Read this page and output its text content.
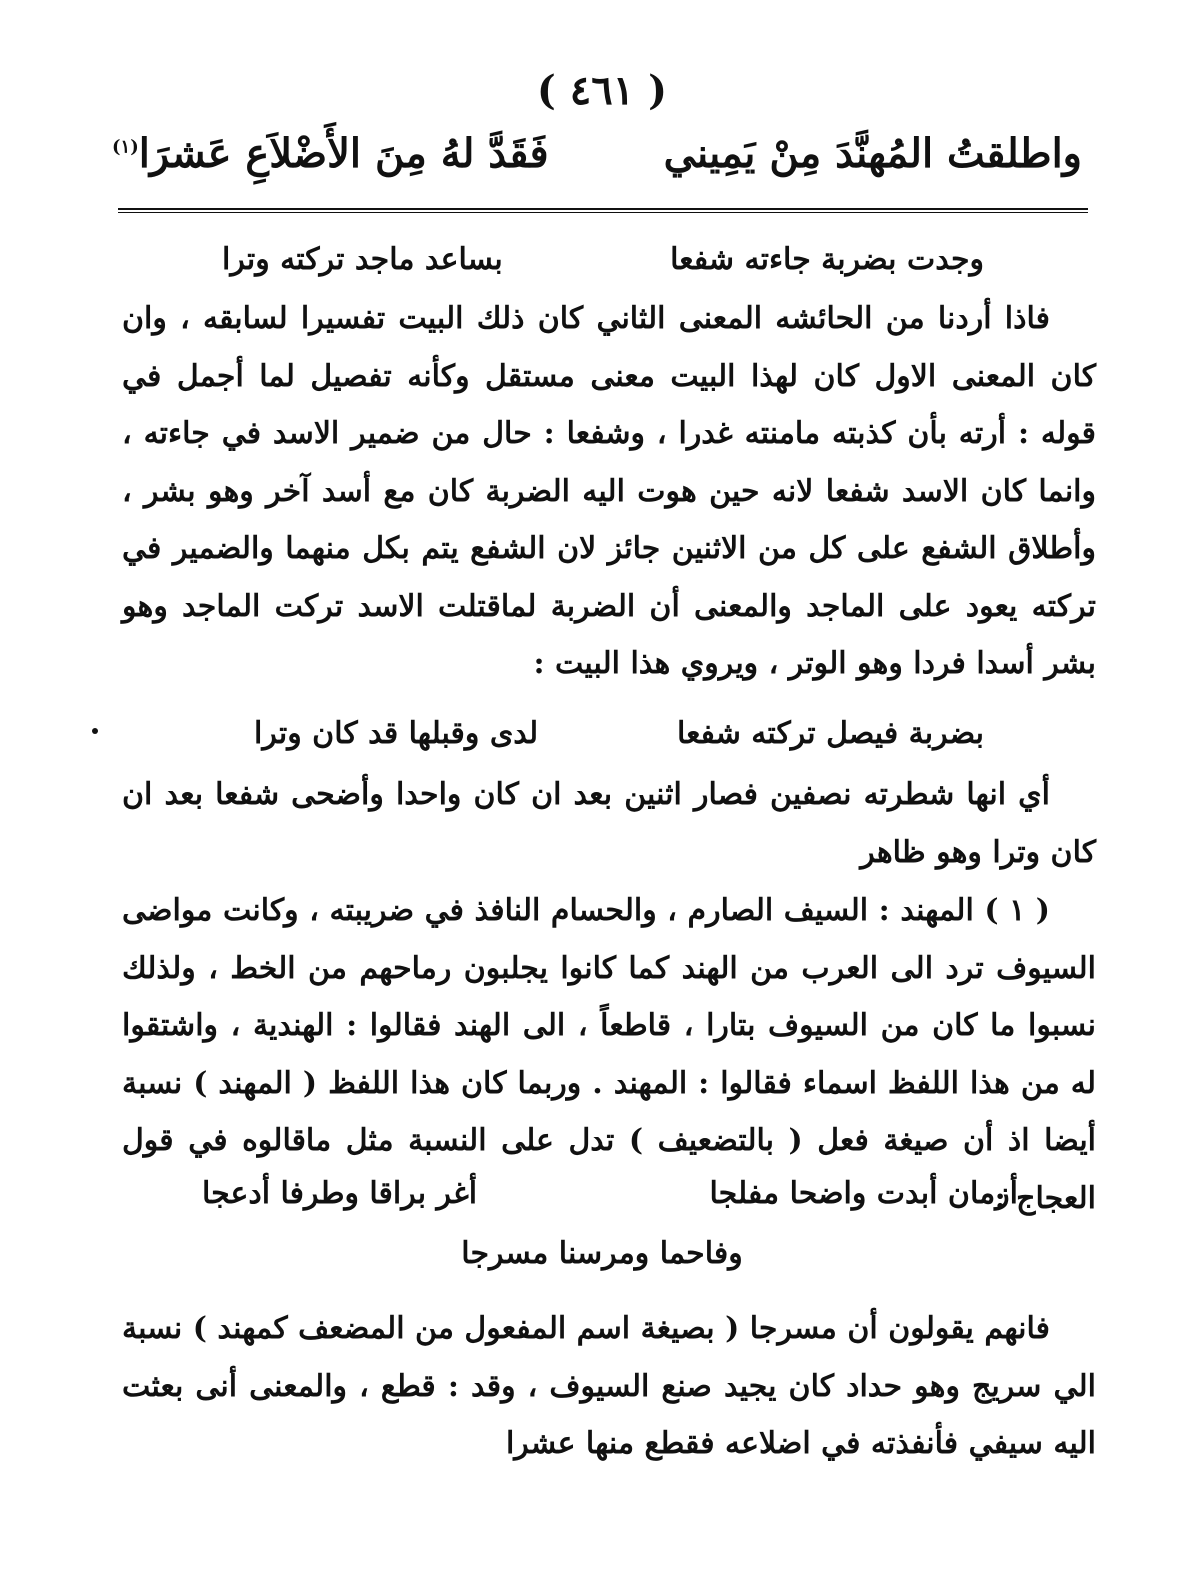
( ٤٦١ )
واطلقتُ المُهنَّدَ مِنْ يَمِيني
فَقَدَّ لهُ مِنَ الأَضْلاَعِ عَشرَا$^{(١)}$
وجدت بضربة جاءته شفعا
بساعد ماجد تركته وترا

فاذا أردنا من الحائشه المعنى الثاني كان ذلك البيت تفسيرا لسابقه ، وان كان المعنى الاول كان لهذا البيت معنى مستقل وكأنه تفصيل لما أجمل في قوله : أرته بأن كذبته مامنته غدرا ، وشفعا : حال من ضمير الاسد في جاءته ، وانما كان الاسد شفعا لانه حين هوت اليه الضربة كان مع أسد آخر وهو بشر ، وأطلاق الشفع على كل من الاثنين جائز لان الشفع يتم بكل منهما والضمير في تركته يعود على الماجد والمعنى أن الضربة لماقتلت الاسد تركت الماجد وهو بشر أسدا فردا وهو الوتر ، ويروي هذا البيت :

بضربة فيصل تركته شفعا
لدى وقبلها قد كان وترا

أي انها شطرته نصفين فصار اثنين بعد ان كان واحدا وأضحى شفعا بعد ان كان وترا وهو ظاهر

( ١ ) المهند : السيف الصارم ، والحسام النافذ في ضريبته ، وكانت مواضى السيوف ترد الى العرب من الهند كما كانوا يجلبون رماحهم من الخط ، ولذلك نسبوا ما كان من السيوف بتارا ، قاطعاً ، الى الهند فقالوا : الهندية ، واشتقوا له من هذا اللفظ اسماء فقالوا : المهند . وربما كان هذا اللفظ ( المهند ) نسبة أيضا اذ أن صيغة فعل ( بالتضعيف ) تدل على النسبة مثل ماقالوه في قول العجاج :

أزمان أبدت واضحا مفلجا
أغر براقا وطرفا أدعجا
وفاحما ومرسنا مسرجا

فانهم يقولون أن مسرجا ( بصيغة اسم المفعول من المضعف كمهند ) نسبة الي سريج وهو حداد كان يجيد صنع السيوف ، وقد : قطع ، والمعنى أنى بعثت اليه سيفي فأنفذته في اضلاعه فقطع منها عشرا
